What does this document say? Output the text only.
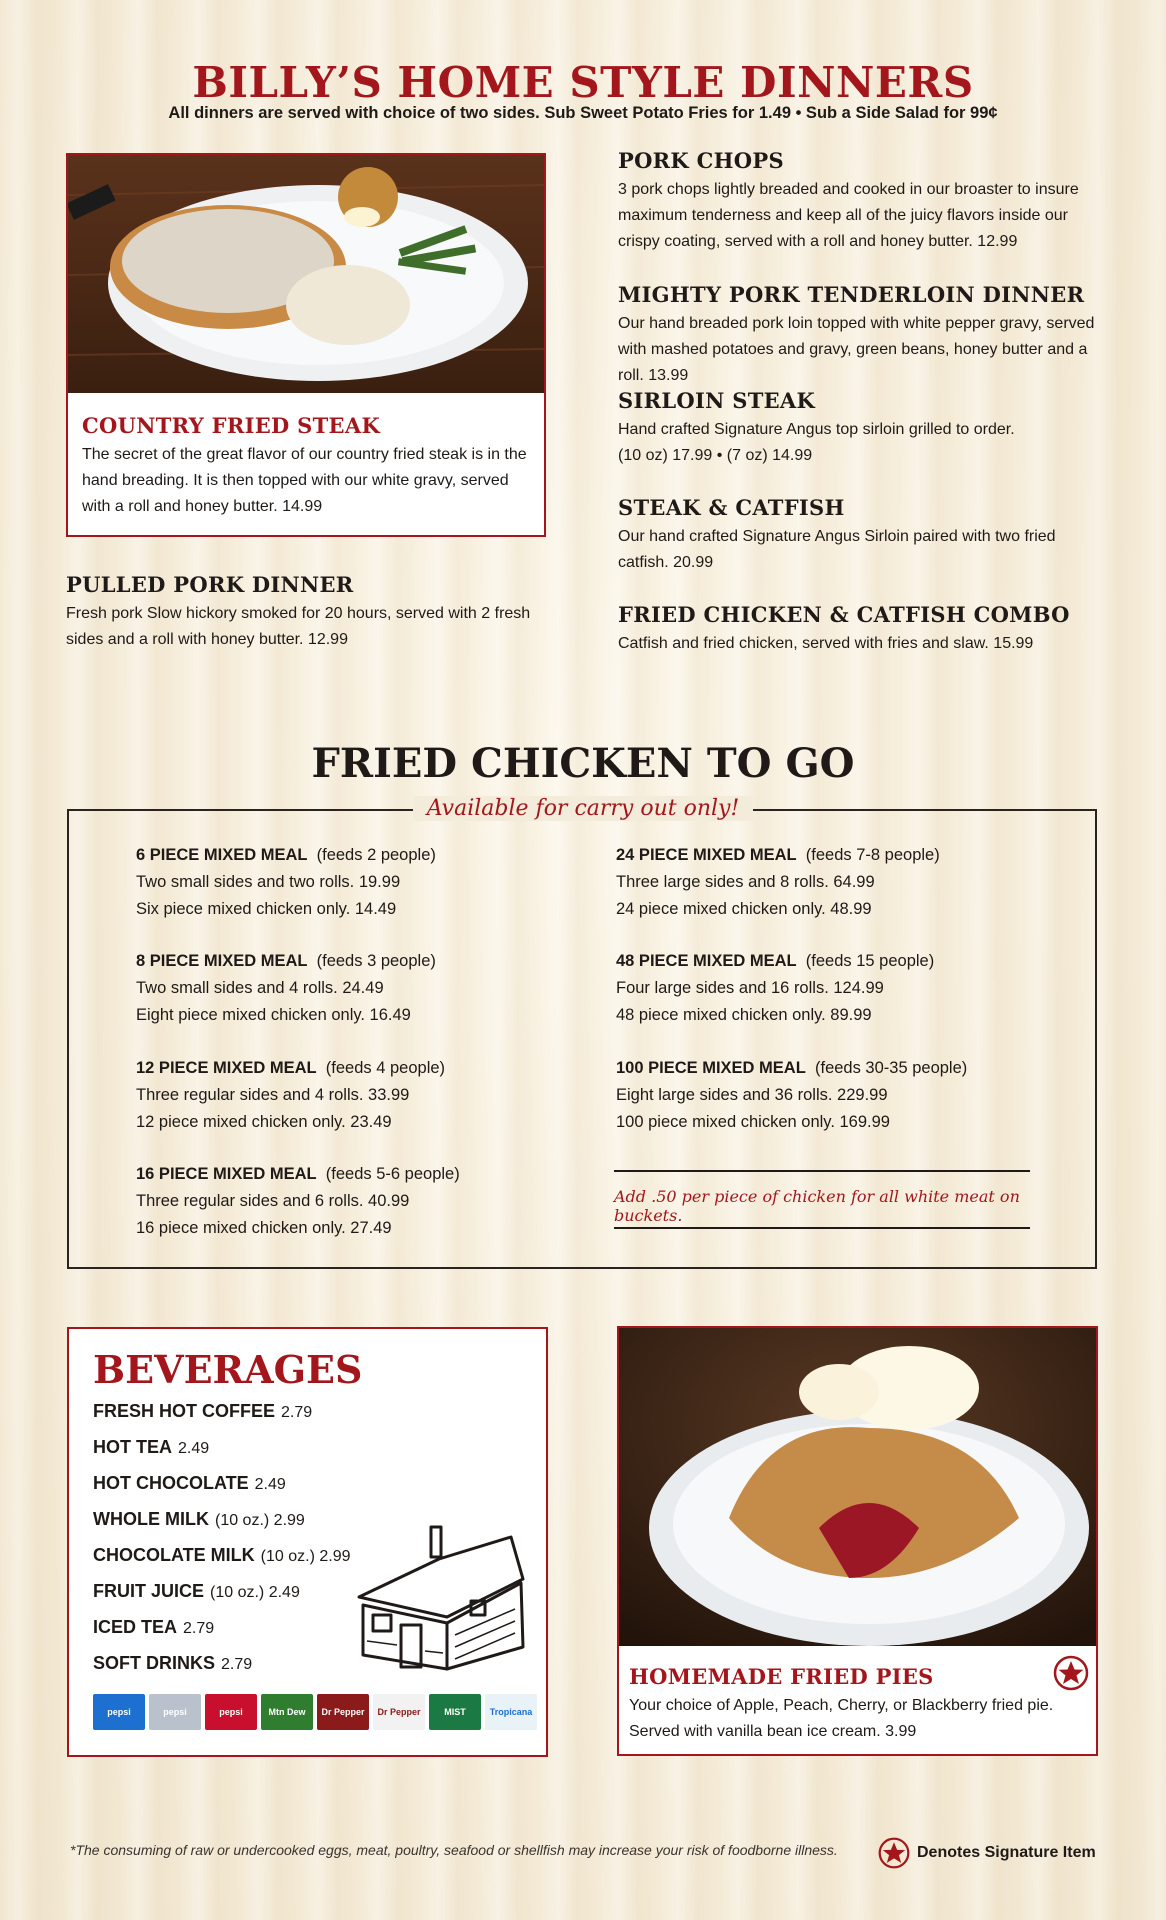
BILLY’S HOME STYLE DINNERS
All dinners are served with choice of two sides. Sub Sweet Potato Fries for 1.49 • Sub a Side Salad for 99¢
COUNTRY FRIED STEAK
The secret of the great flavor of our country fried steak is in the hand breading. It is then topped with our white gravy, served with a roll and honey butter. 14.99
PULLED PORK DINNER
Fresh pork Slow hickory smoked for 20 hours, served with 2 fresh sides and a roll with honey butter. 12.99
PORK CHOPS
3 pork chops lightly breaded and cooked in our broaster to insure maximum tenderness and keep all of the juicy flavors inside our crispy coating, served with a roll and honey butter. 12.99
MIGHTY PORK TENDERLOIN DINNER
Our hand breaded pork loin topped with white pepper gravy, served with mashed potatoes and gravy, green beans, honey butter and a roll. 13.99
SIRLOIN STEAK
Hand crafted Signature Angus top sirloin grilled to order.
(10 oz) 17.99 • (7 oz) 14.99
STEAK & CATFISH
Our hand crafted Signature Angus Sirloin paired with two fried catfish. 20.99
FRIED CHICKEN & CATFISH COMBO
Catfish and fried chicken, served with fries and slaw. 15.99
FRIED CHICKEN TO GO
Available for carry out only!
6 PIECE MIXED MEAL (feeds 2 people)
Two small sides and two rolls. 19.99
Six piece mixed chicken only. 14.49
8 PIECE MIXED MEAL (feeds 3 people)
Two small sides and 4 rolls. 24.49
Eight piece mixed chicken only. 16.49
12 PIECE MIXED MEAL (feeds 4 people)
Three regular sides and 4 rolls. 33.99
12 piece mixed chicken only. 23.49
16 PIECE MIXED MEAL (feeds 5-6 people)
Three regular sides and 6 rolls. 40.99
16 piece mixed chicken only. 27.49
24 PIECE MIXED MEAL (feeds 7-8 people)
Three large sides and 8 rolls. 64.99
24 piece mixed chicken only. 48.99
48 PIECE MIXED MEAL (feeds 15 people)
Four large sides and 16 rolls. 124.99
48 piece mixed chicken only. 89.99
100 PIECE MIXED MEAL (feeds 30-35 people)
Eight large sides and 36 rolls. 229.99
100 piece mixed chicken only. 169.99
Add .50 per piece of chicken for all white meat on buckets.
BEVERAGES
FRESH HOT COFFEE 2.79
HOT TEA 2.49
HOT CHOCOLATE 2.49
WHOLE MILK (10 oz.) 2.99
CHOCOLATE MILK (10 oz.) 2.99
FRUIT JUICE (10 oz.) 2.49
ICED TEA 2.79
SOFT DRINKS 2.79
pepsi	pepsi	pepsi	Mtn Dew Dr Pepper Dr Pepper	MIST	Tropicana
HOMEMADE FRIED PIES
Your choice of Apple, Peach, Cherry, or Blackberry fried pie.
Served with vanilla bean ice cream. 3.99
*The consuming of raw or undercooked eggs, meat, poultry, seafood or shellfish may increase your risk of foodborne illness.	Denotes Signature Item
